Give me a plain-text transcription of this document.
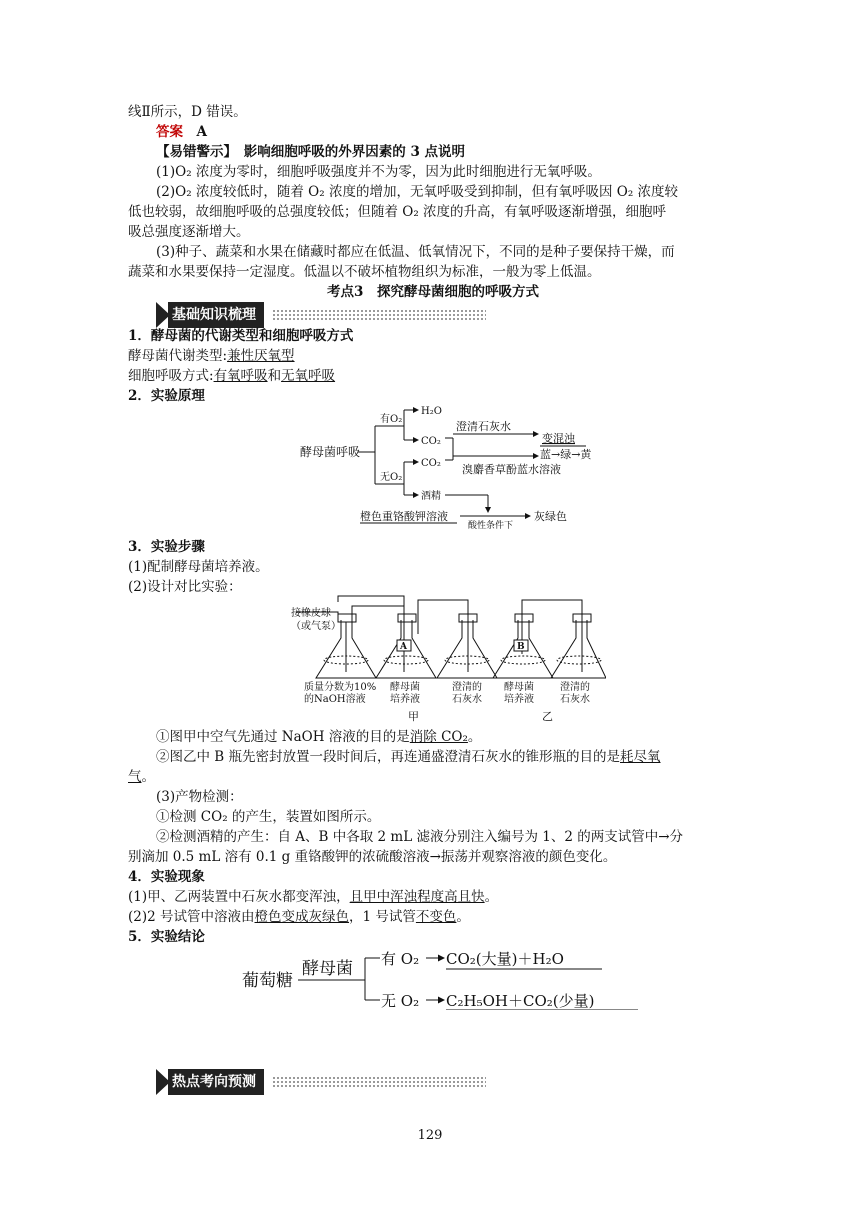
线Ⅱ所示，D 错误。
答案　 A
【易错警示】　 影响细胞呼吸的外界因素的 3 点说明
(1)O₂ 浓度为零时，细胞呼吸强度并不为零，因为此时细胞进行无氧呼吸。
(2)O₂ 浓度较低时，随着 O₂ 浓度的增加，无氧呼吸受到抑制，但有氧呼吸因 O₂ 浓度较
低也较弱，故细胞呼吸的总强度较低；但随着 O₂ 浓度的升高，有氧呼吸逐渐增强，细胞呼
吸总强度逐渐增大。
(3)种子、蔬菜和水果在储藏时都应在低温、低氧情况下，不同的是种子要保持干燥，而
蔬菜和水果要保持一定湿度。低温以不破坏植物组织为标准，一般为零上低温。
考点3　探究酵母菌细胞的呼吸方式
基础知识梳理
1．酵母菌的代谢类型和细胞呼吸方式
酵母菌代谢类型:兼性厌氧型
细胞呼吸方式:有氧呼吸和无氧呼吸
2．实验原理
酵母菌呼吸
有O₂
无O₂
H₂O
CO₂
CO₂
酒精
澄清石灰水
溴麝香草酚蓝水溶液
变混浊
蓝→绿→黄
橙色重铬酸钾溶液
酸性条件下
灰绿色
3．实验步骤
(1)配制酵母菌培养液。
(2)设计对比实验：
A	B
接橡皮球
（或气泵）
质量分数为10%
的NaOH溶液
酵母菌
培养液
澄清的
石灰水
酵母菌
培养液
澄清的
石灰水
甲	乙
①图甲中空气先通过 NaOH 溶液的目的是消除 CO₂。
②图乙中 B 瓶先密封放置一段时间后，再连通盛澄清石灰水的锥形瓶的目的是耗尽氧
气。
(3)产物检测：
①检测 CO₂ 的产生，装置如图所示。
②检测酒精的产生：自 A、B 中各取 2 mL 滤液分别注入编号为 1、2 的两支试管中→分
别滴加 0.5 mL 溶有 0.1 g 重铬酸钾的浓硫酸溶液→振荡并观察溶液的颜色变化。
4．实验现象
(1)甲、乙两装置中石灰水都变浑浊，且甲中浑浊程度高且快。
(2)2 号试管中溶液由橙色变成灰绿色，1 号试管不变色。
5．实验结论
葡萄糖
酵母菌 有 O₂ CO₂(大量)＋H₂O
无 O₂ C₂H₅OH＋CO₂(少量)
热点考向预测
129
